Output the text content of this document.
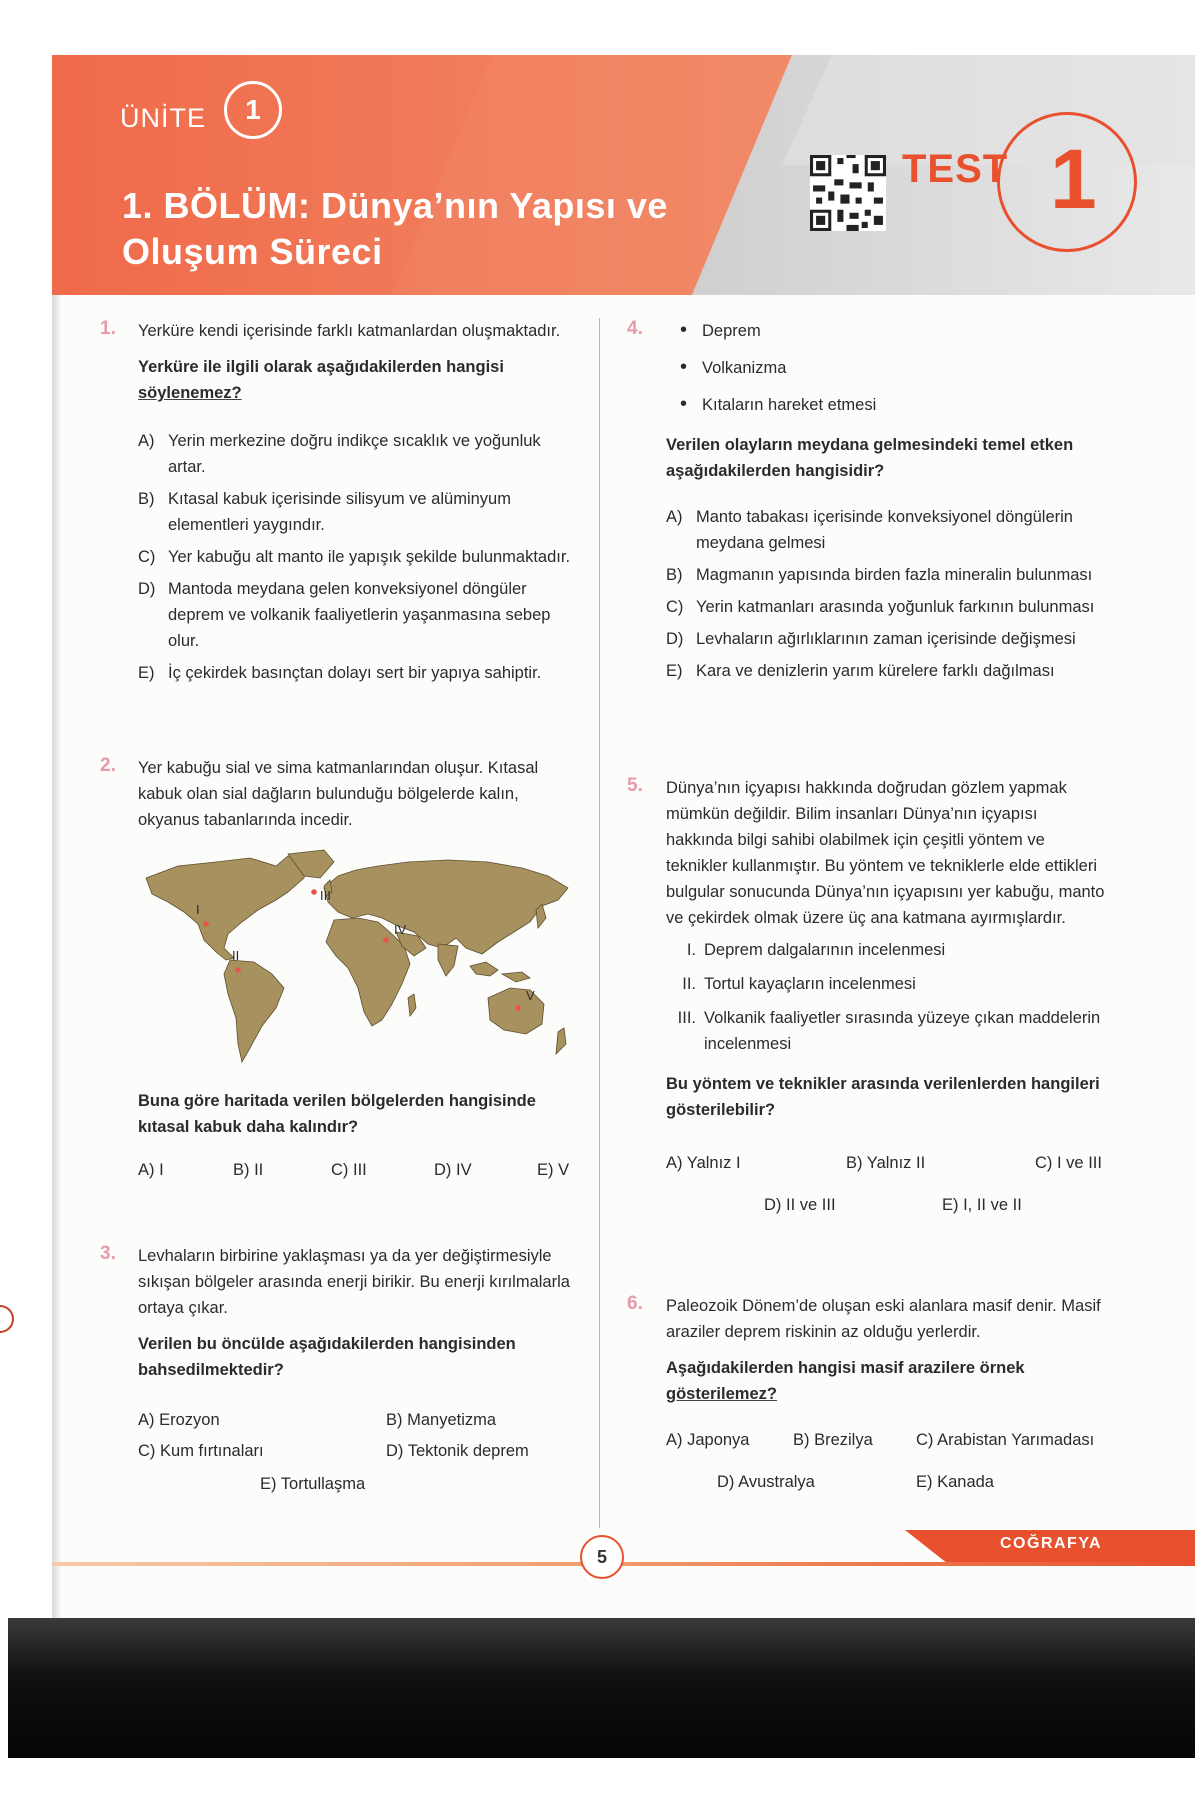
ÜNİTE	1
1. BÖLÜM: Dünya’nın Yapısı ve
Oluşum Süreci
TEST 1
1. Yerküre kendi içerisinde farklı katmanlardan oluşmaktadır.

Yerküre ile ilgili olarak aşağıdakilerden hangisi söylenemez?

A) Yerin merkezine doğru indikçe sıcaklık ve yoğunluk artar.
B) Kıtasal kabuk içerisinde silisyum ve alüminyum elementleri yaygındır.
C) Yer kabuğu alt manto ile yapışık şekilde bulunmaktadır.
D) Mantoda meydana gelen konveksiyonel döngüler deprem ve volkanik faaliyetlerin yaşanmasına sebep olur.
E) İç çekirdek basınçtan dolayı sert bir yapıya sahiptir.
2. Yer kabuğu sial ve sima katmanlarından oluşur. Kıtasal kabuk olan sial dağların bulunduğu bölgelerde kalın, okyanus tabanlarında incedir.
I
II
III
IV
V
Buna göre haritada verilen bölgelerden hangisinde kıtasal kabuk daha kalındır?
A) I	B) II	C) III	D) IV	E) V
3. Levhaların birbirine yaklaşması ya da yer değiştirmesiyle sıkışan bölgeler arasında enerji birikir. Bu enerji kırılmalarla ortaya çıkar.

Verilen bu öncülde aşağıdakilerden hangisinden bahsedilmektedir?

A) Erozyon	B) Manyetizma
C) Kum fırtınaları	D) Tektonik deprem
E) Tortullaşma
4. • Deprem
• Volkanizma
• Kıtaların hareket etmesi

Verilen olayların meydana gelmesindeki temel etken aşağıdakilerden hangisidir?

A) Manto tabakası içerisinde konveksiyonel döngülerin meydana gelmesi
B) Magmanın yapısında birden fazla mineralin bulunması
C) Yerin katmanları arasında yoğunluk farkının bulunması
D) Levhaların ağırlıklarının zaman içerisinde değişmesi
E) Kara ve denizlerin yarım kürelere farklı dağılması
5. Dünya’nın içyapısı hakkında doğrudan gözlem yapmak mümkün değildir. Bilim insanları Dünya’nın içyapısı hakkında bilgi sahibi olabilmek için çeşitli yöntem ve teknikler kullanmıştır. Bu yöntem ve tekniklerle elde ettikleri bulgular sonucunda Dünya’nın içyapısını yer kabuğu, manto ve çekirdek olmak üzere üç ana katmana ayırmışlardır.

I. Deprem dalgalarının incelenmesi
II. Tortul kayaçların incelenmesi
III. Volkanik faaliyetler sırasında yüzeye çıkan maddelerin incelenmesi

Bu yöntem ve teknikler arasında verilenlerden hangileri gösterilebilir?

A) Yalnız I	B) Yalnız II	C) I ve III
D) II ve III	E) I, II ve II
6. Paleozoik Dönem’de oluşan eski alanlara masif denir. Masif araziler deprem riskinin az olduğu yerlerdir.

Aşağıdakilerden hangisi masif arazilere örnek gösterilemez?

A) Japonya	B) Brezilya	C) Arabistan Yarımadası
D) Avustralya	E) Kanada
5
COĞRAFYA
